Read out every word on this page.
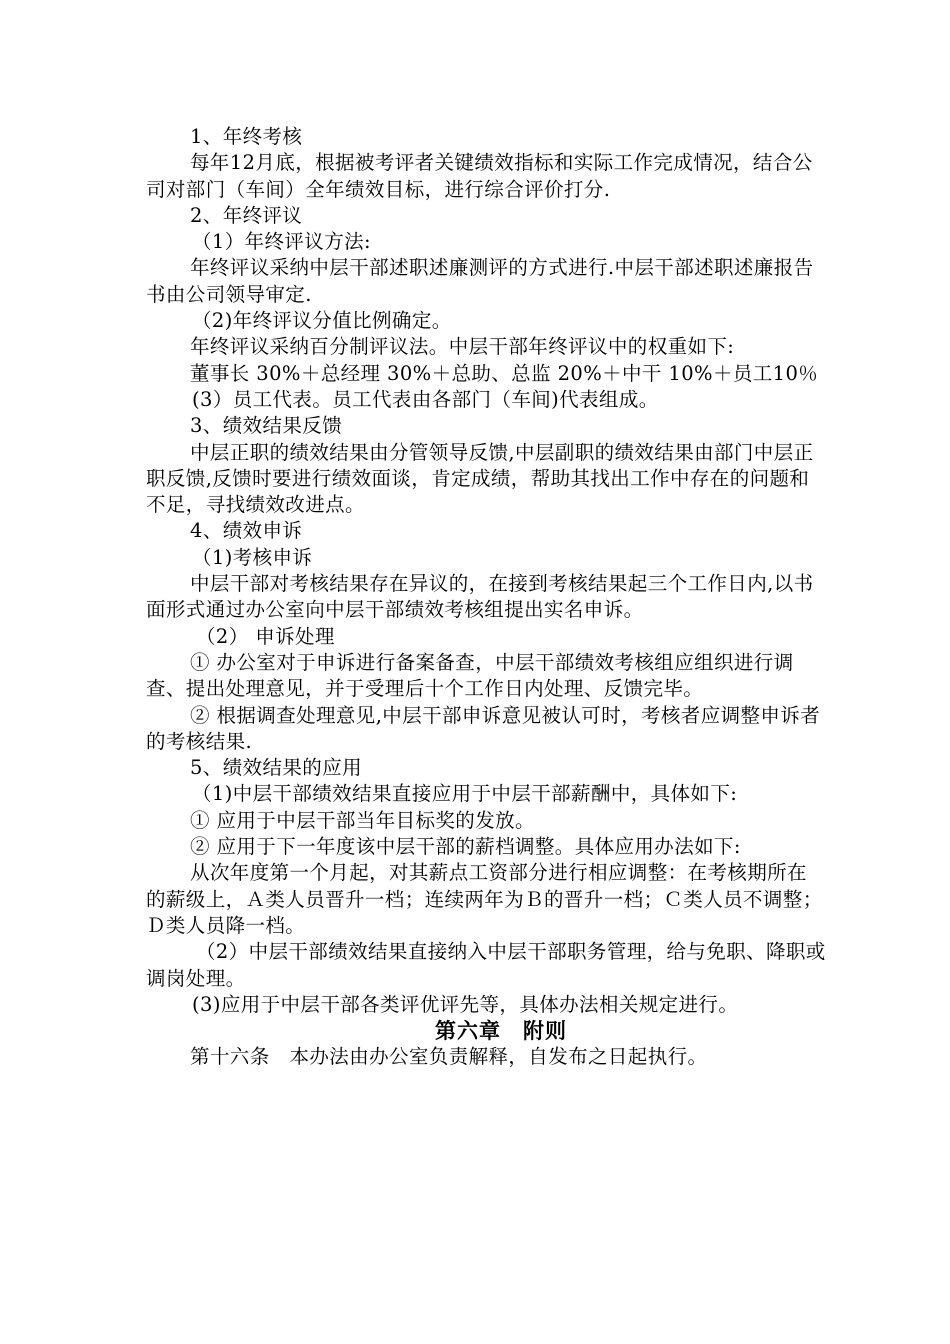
1、年终考核

每年12月底，根据被考评者关键绩效指标和实际工作完成情况，结合公司对部门（车间）全年绩效目标，进行综合评价打分.

2、年终评议

（1）年终评议方法:

年终评议采纳中层干部述职述廉测评的方式进行.中层干部述职述廉报告书由公司领导审定.

（2)年终评议分值比例确定。

年终评议采纳百分制评议法。中层干部年终评议中的权重如下:

董事长 30%＋总经理 30%＋总助、总监 20%＋中干 10%＋员工10％

(3）员工代表。员工代表由各部门（车间)代表组成。

3、绩效结果反馈

中层正职的绩效结果由分管领导反馈,中层副职的绩效结果由部门中层正职反馈,反馈时要进行绩效面谈，肯定成绩，帮助其找出工作中存在的问题和不足，寻找绩效改进点。

4、绩效申诉

（1)考核申诉

中层干部对考核结果存在异议的，在接到考核结果起三个工作日内,以书面形式通过办公室向中层干部绩效考核组提出实名申诉。

（2） 申诉处理

① 办公室对于申诉进行备案备查，中层干部绩效考核组应组织进行调查、提出处理意见，并于受理后十个工作日内处理、反馈完毕。

② 根据调查处理意见,中层干部申诉意见被认可时，考核者应调整申诉者的考核结果.

5、绩效结果的应用

（1)中层干部绩效结果直接应用于中层干部薪酬中，具体如下:

① 应用于中层干部当年目标奖的发放。

② 应用于下一年度该中层干部的薪档调整。具体应用办法如下:

从次年度第一个月起，对其薪点工资部分进行相应调整：在考核期所在的薪级上，Ａ类人员晋升一档；连续两年为Ｂ的晋升一档；Ｃ类人员不调整；Ｄ类人员降一档。

（2）中层干部绩效结果直接纳入中层干部职务管理，给与免职、降职或调岗处理。

(3)应用于中层干部各类评优评先等，具体办法相关规定进行。

第六章　附则

第十六条　本办法由办公室负责解释，自发布之日起执行。
